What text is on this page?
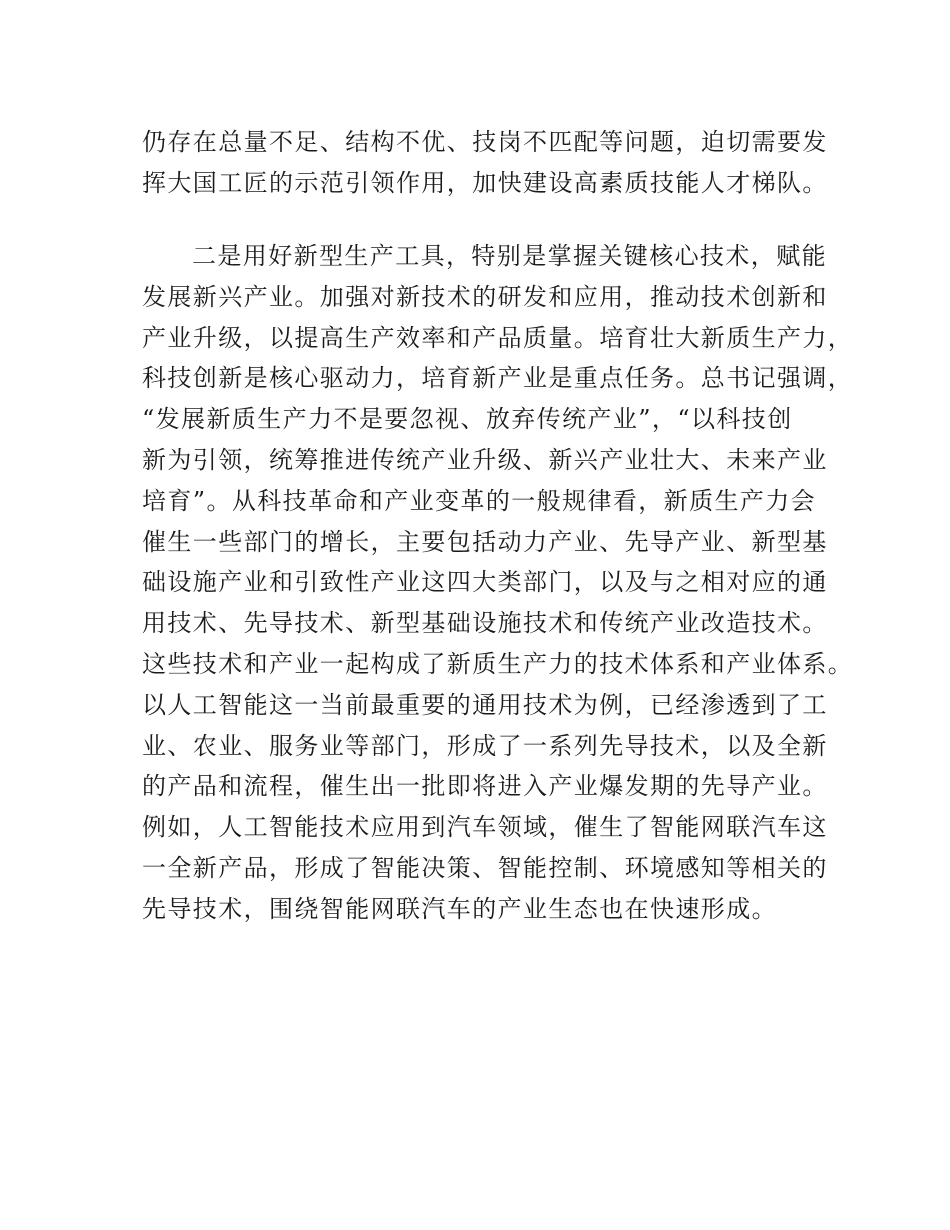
仍存在总量不足、结构不优、技岗不匹配等问题，迫切需要发
挥大国工匠的示范引领作用，加快建设高素质技能人才梯队。
二是用好新型生产工具，特别是掌握关键核心技术，赋能
发展新兴产业。加强对新技术的研发和应用，推动技术创新和
产业升级，以提高生产效率和产品质量。培育壮大新质生产力，
科技创新是核心驱动力，培育新产业是重点任务。总书记强调，
“发展新质生产力不是要忽视、放弃传统产业”，“以科技创
新为引领，统筹推进传统产业升级、新兴产业壮大、未来产业
培育”。从科技革命和产业变革的一般规律看，新质生产力会
催生一些部门的增长，主要包括动力产业、先导产业、新型基
础设施产业和引致性产业这四大类部门，以及与之相对应的通
用技术、先导技术、新型基础设施技术和传统产业改造技术。
这些技术和产业一起构成了新质生产力的技术体系和产业体系。
以人工智能这一当前最重要的通用技术为例，已经渗透到了工
业、农业、服务业等部门，形成了一系列先导技术，以及全新
的产品和流程，催生出一批即将进入产业爆发期的先导产业。
例如，人工智能技术应用到汽车领域，催生了智能网联汽车这
一全新产品，形成了智能决策、智能控制、环境感知等相关的
先导技术，围绕智能网联汽车的产业生态也在快速形成。
